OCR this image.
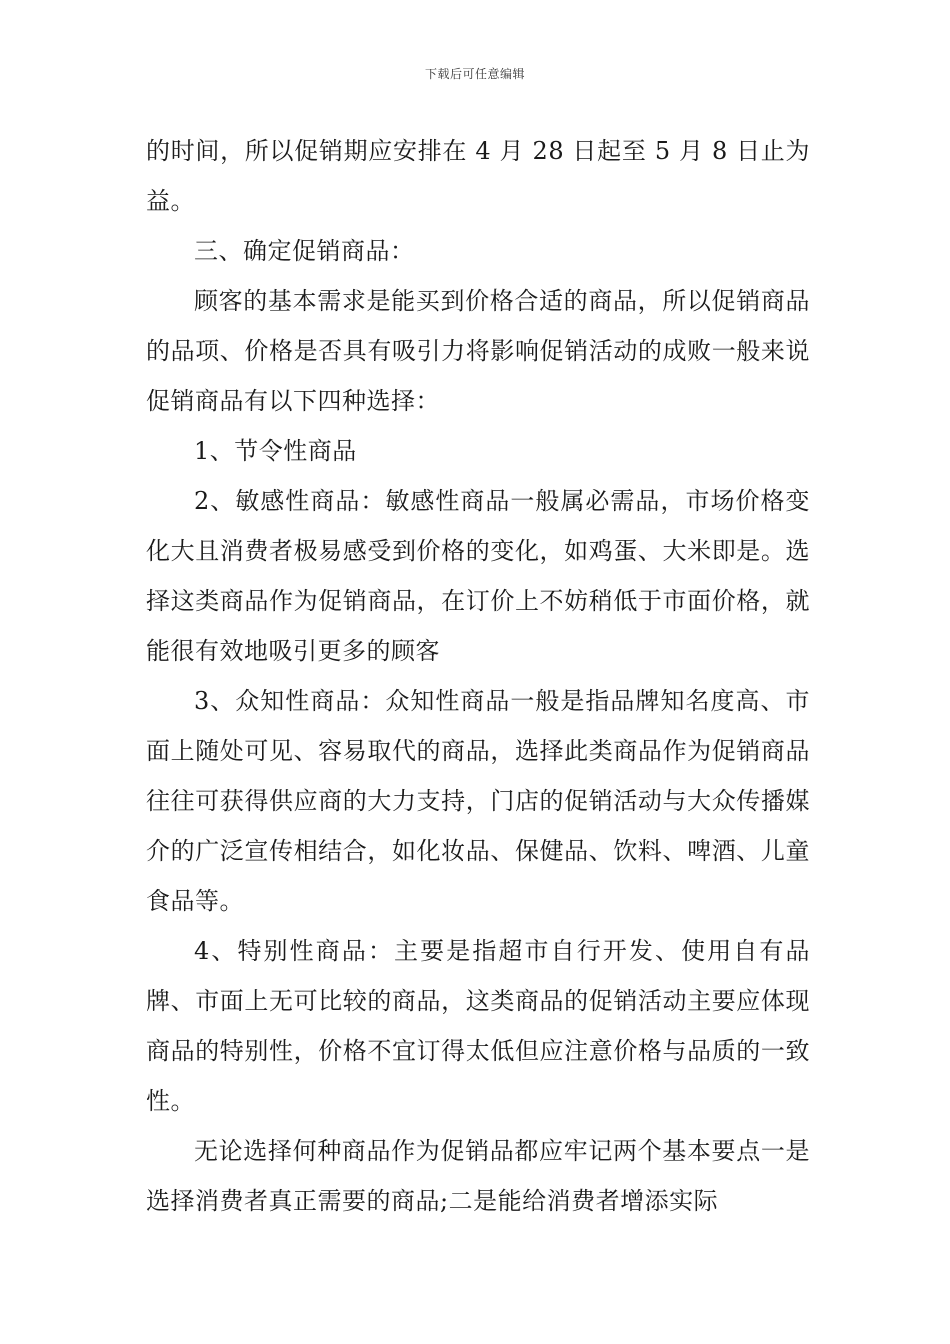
下载后可任意编辑

的时间，所以促销期应安排在 4 月 28 日起至 5 月 8 日止为益。

三、确定促销商品：

顾客的基本需求是能买到价格合适的商品，所以促销商品的品项、价格是否具有吸引力将影响促销活动的成败一般来说促销商品有以下四种选择：

1、节令性商品

2、敏感性商品：敏感性商品一般属必需品，市场价格变化大且消费者极易感受到价格的变化，如鸡蛋、大米即是。选择这类商品作为促销商品，在订价上不妨稍低于市面价格，就能很有效地吸引更多的顾客

3、众知性商品：众知性商品一般是指品牌知名度高、市面上随处可见、容易取代的商品，选择此类商品作为促销商品往往可获得供应商的大力支持，门店的促销活动与大众传播媒介的广泛宣传相结合，如化妆品、保健品、饮料、啤酒、儿童食品等。

4、特别性商品：主要是指超市自行开发、使用自有品牌、市面上无可比较的商品，这类商品的促销活动主要应体现商品的特别性，价格不宜订得太低但应注意价格与品质的一致性。

无论选择何种商品作为促销品都应牢记两个基本要点一是选择消费者真正需要的商品;二是能给消费者增添实际
